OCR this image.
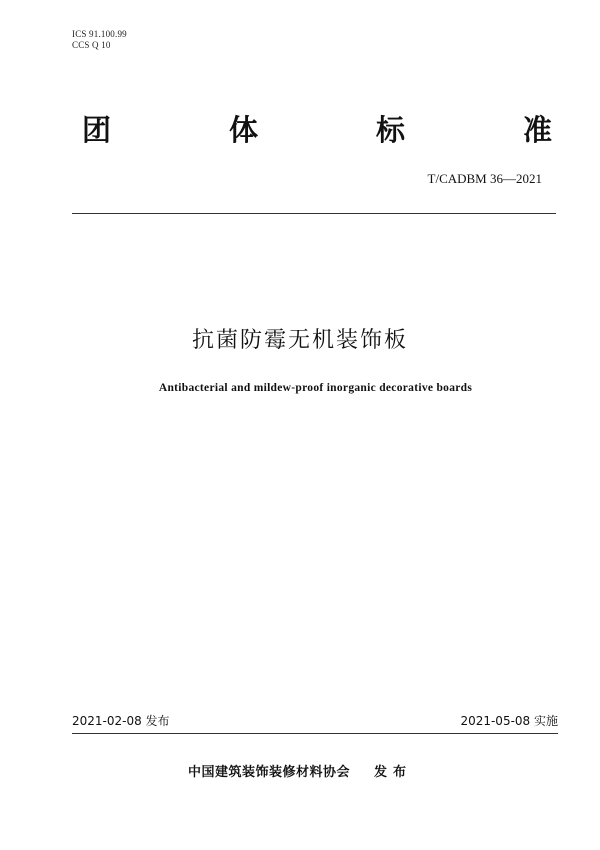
ICS 91.100.99
CCS Q 10
团	体	标	准
T/CADBM 36—2021
抗菌防霉无机装饰板
Antibacterial and mildew-proof inorganic decorative boards
2021-02-08 发布	2021-05-08 实施
中国建筑装饰装修材料协会 发布
